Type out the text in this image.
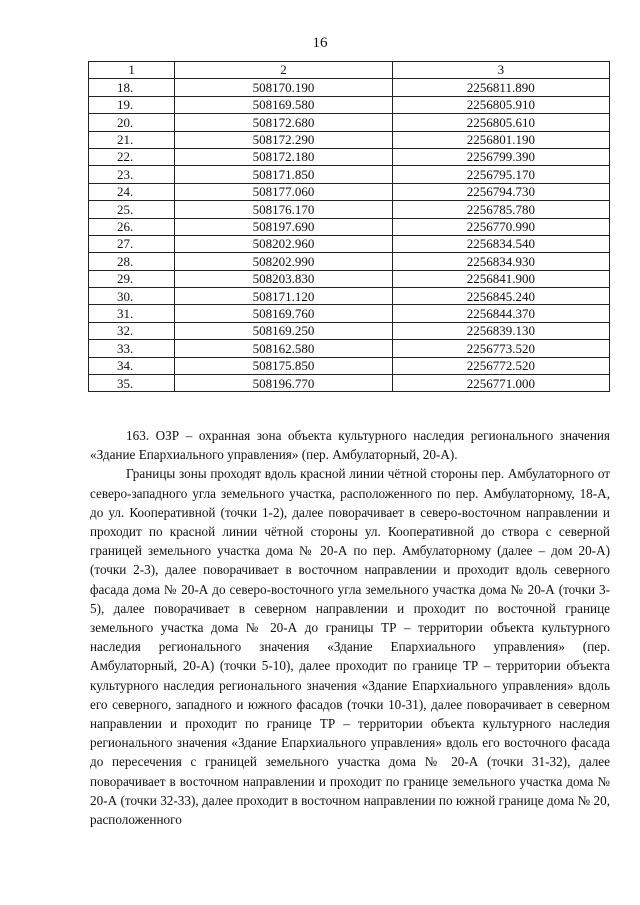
16
1	2	3
18.	508170.190	2256811.890
19.	508169.580	2256805.910
20.	508172.680	2256805.610
21.	508172.290	2256801.190
22.	508172.180	2256799.390
23.	508171.850	2256795.170
24.	508177.060	2256794.730
25.	508176.170	2256785.780
26.	508197.690	2256770.990
27.	508202.960	2256834.540
28.	508202.990	2256834.930
29.	508203.830	2256841.900
30.	508171.120	2256845.240
31.	508169.760	2256844.370
32.	508169.250	2256839.130
33.	508162.580	2256773.520
34.	508175.850	2256772.520
35.	508196.770	2256771.000

163. ОЗР – охранная зона объекта культурного наследия регионального значения «Здание Епархиального управления» (пер. Амбулаторный, 20-А).

Границы зоны проходят вдоль красной линии чётной стороны пер. Амбулаторного от северо-западного угла земельного участка, расположенного по пер. Амбулаторному, 18-А, до ул. Кооперативной (точки 1-2), далее поворачивает в северо-восточном направлении и проходит по красной линии чётной стороны ул. Кооперативной до створа с северной границей земельного участка дома № 20-А по пер. Амбулаторному (далее – дом 20-А) (точки 2-3), далее поворачивает в восточном направлении и проходит вдоль северного фасада дома № 20-А до северо-восточного угла земельного участка дома № 20-А (точки 3-5), далее поворачивает в северном направлении и проходит по восточной границе земельного участка дома № 20-А до границы ТР – территории объекта культурного наследия регионального значения «Здание Епархиального управления» (пер. Амбулаторный, 20-А) (точки 5-10), далее проходит по границе ТР – территории объекта культурного наследия регионального значения «Здание Епархиального управления» вдоль его северного, западного и южного фасадов (точки 10-31), далее поворачивает в северном направлении и проходит по границе ТР – территории объекта культурного наследия регионального значения «Здание Епархиального управления» вдоль его восточного фасада до пересечения с границей земельного участка дома № 20-А (точки 31-32), далее поворачивает в восточном направлении и проходит по границе земельного участка дома № 20-А (точки 32-33), далее проходит в восточном направлении по южной границе дома № 20, расположенного
